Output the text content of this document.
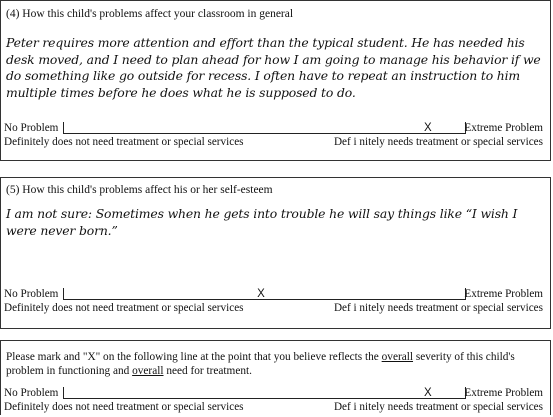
(4) How this child's problems affect your classroom in general
Peter requires more attention and effort than the typical student. He has needed his desk moved, and I need to plan ahead for how I am going to manage his behavior if we do something like go outside for recess. I often have to repeat an instruction to him multiple times before he does what he is supposed to do.
No Problem	X	Extreme Problem
Definitely does not need treatment or special services	Def i nitely needs treatment or special services
(5) How this child's problems affect his or her self-esteem
I am not sure: Sometimes when he gets into trouble he will say things like “I wish I were never born.”
No Problem	X	Extreme Problem
Definitely does not need treatment or special services	Def i nitely needs treatment or special services
Please mark and "X" on the following line at the point that you believe reflects the overall severity of this child's problem in functioning and overall need for treatment.
No Problem	X	Extreme Problem
Definitely does not need treatment or special services	Def i nitely needs treatment or special services
